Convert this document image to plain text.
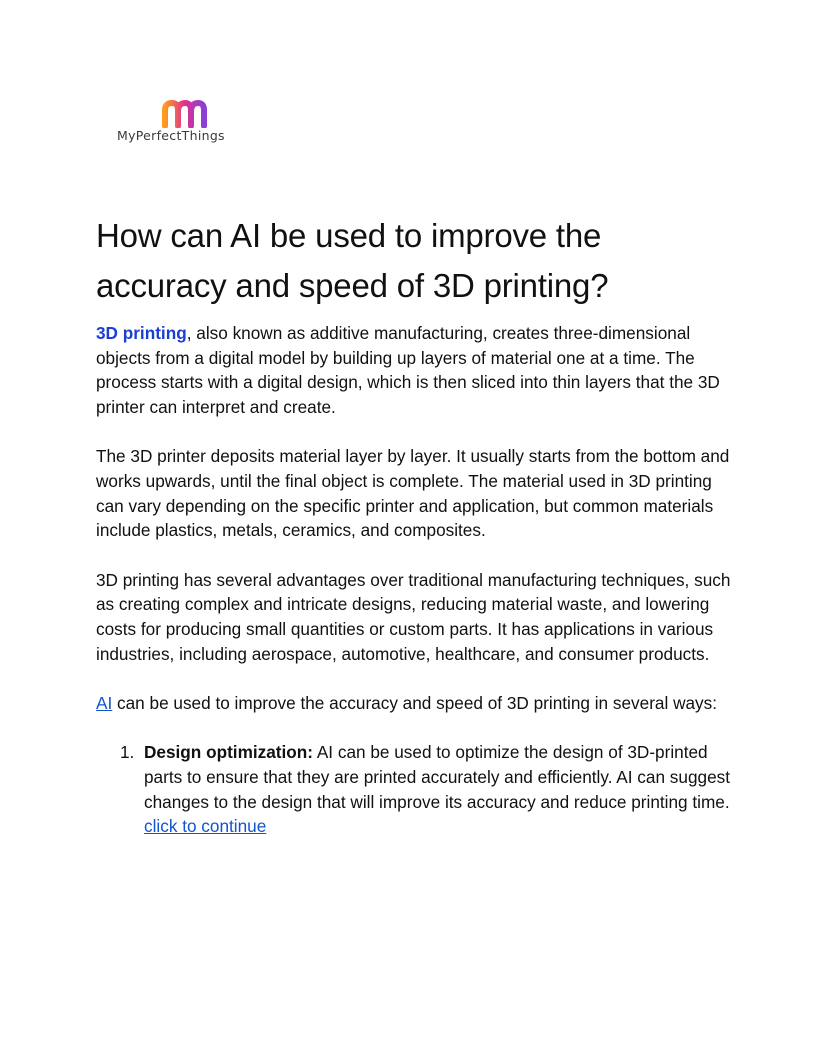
MyPerfectThings
How can AI be used to improve the accuracy and speed of 3D printing?

3D printing, also known as additive manufacturing, creates three-dimensional objects from a digital model by building up layers of material one at a time. The process starts with a digital design, which is then sliced into thin layers that the 3D printer can interpret and create.

The 3D printer deposits material layer by layer. It usually starts from the bottom and works upwards, until the final object is complete. The material used in 3D printing can vary depending on the specific printer and application, but common materials include plastics, metals, ceramics, and composites.

3D printing has several advantages over traditional manufacturing techniques, such as creating complex and intricate designs, reducing material waste, and lowering costs for producing small quantities or custom parts. It has applications in various industries, including aerospace, automotive, healthcare, and consumer products.

AI can be used to improve the accuracy and speed of 3D printing in several ways:

1. Design optimization: AI can be used to optimize the design of 3D-printed parts to ensure that they are printed accurately and efficiently. AI can suggest changes to the design that will improve its accuracy and reduce printing time. click to continue
